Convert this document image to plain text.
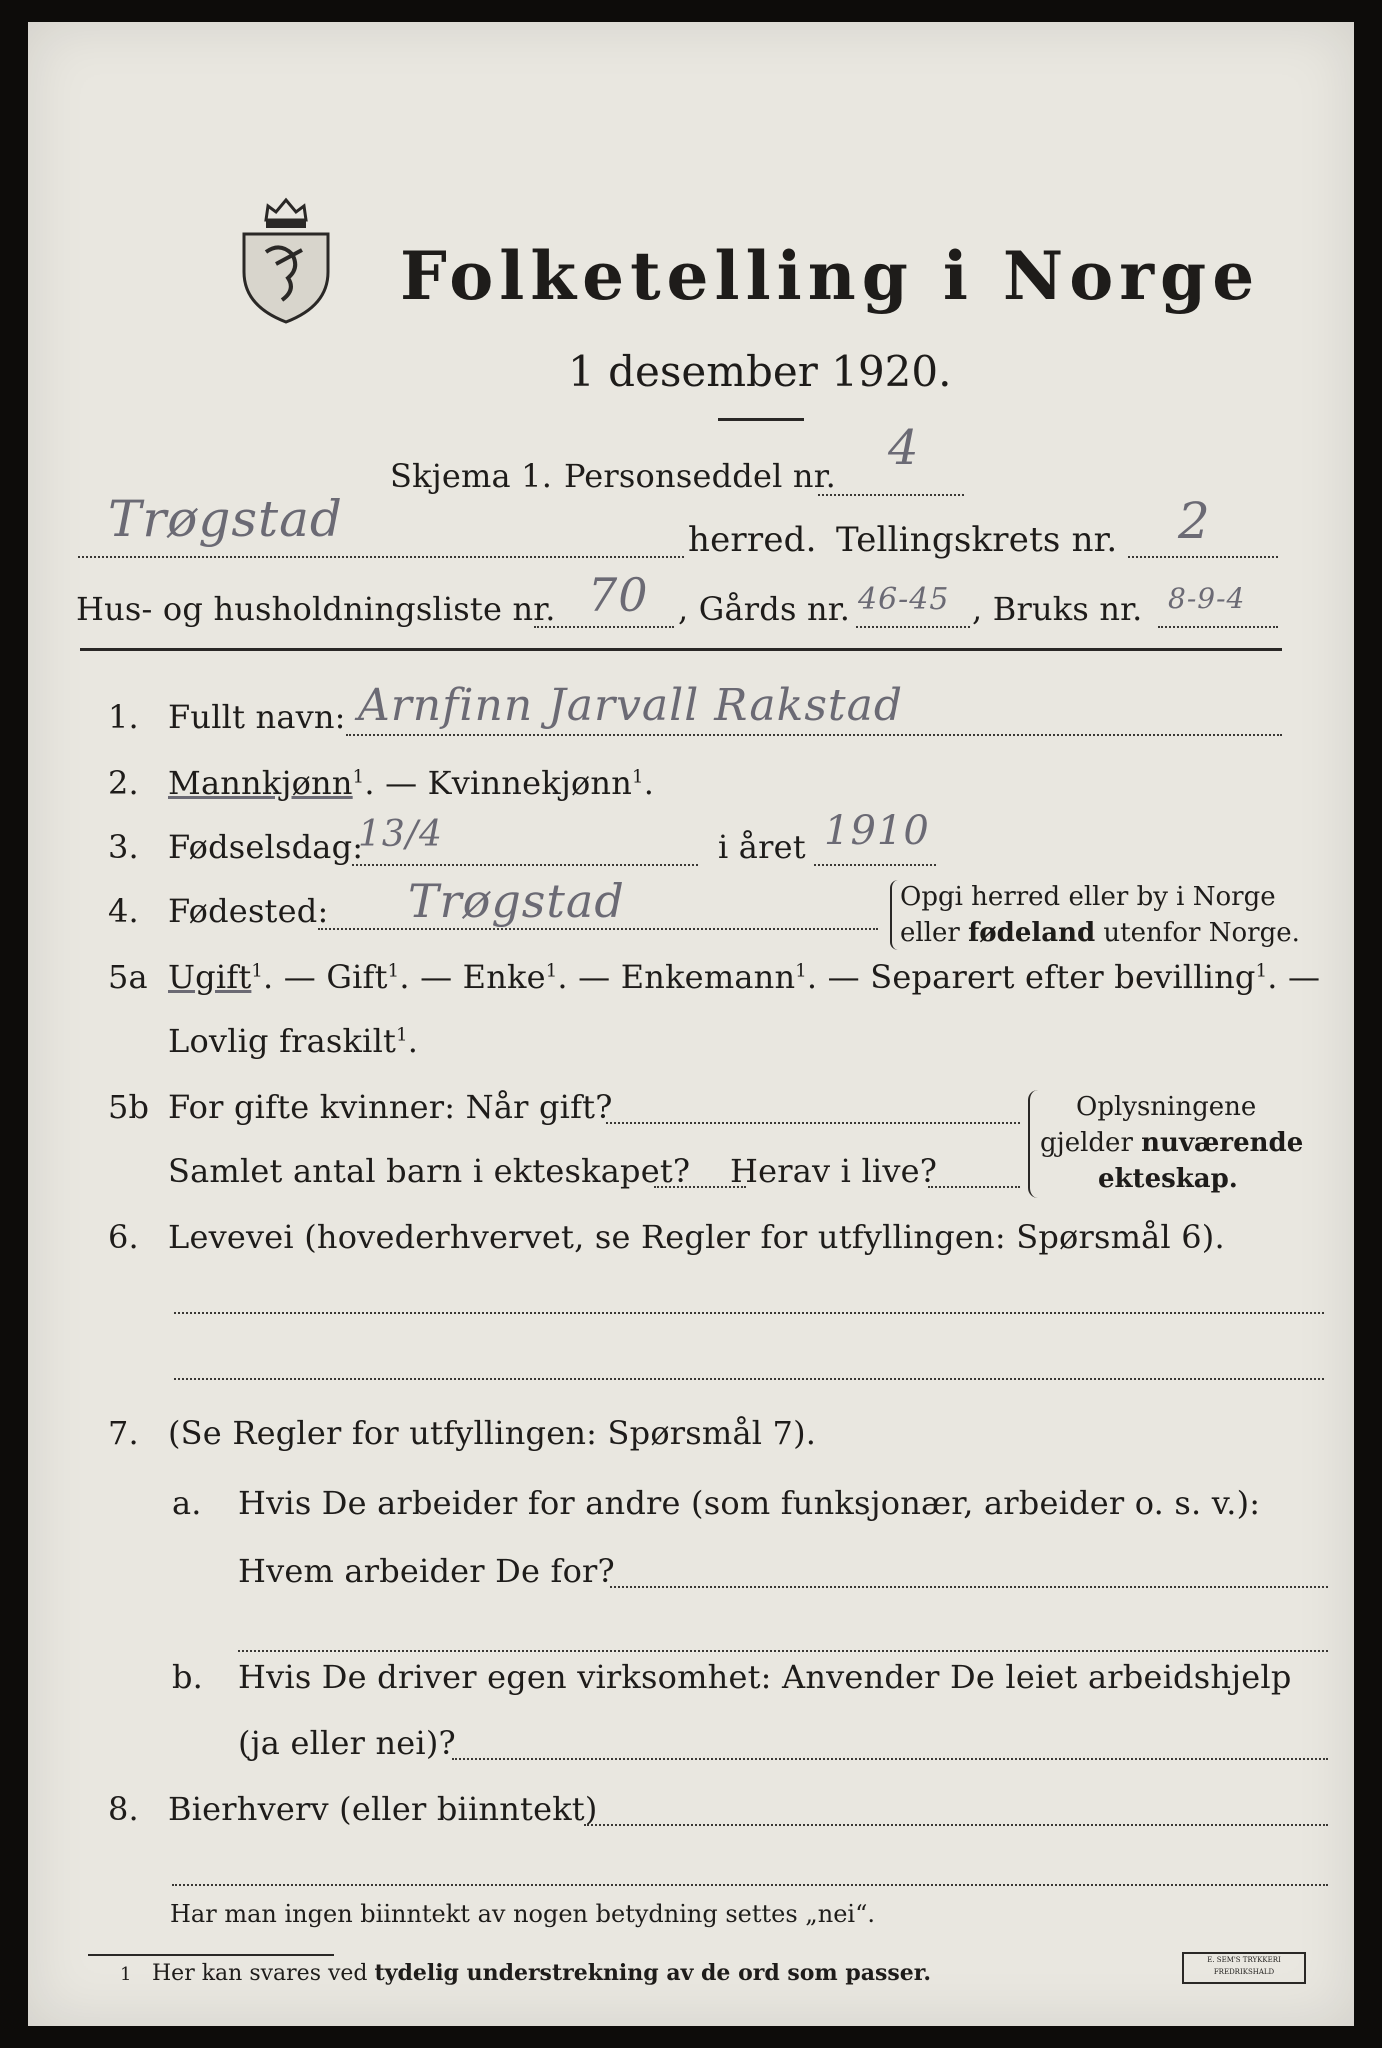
Folketelling i Norge
1 desember 1920.
Skjema 1. Personseddel nr. 4
Trøgstad	herred. Tellingskrets nr. 2
Hus- og husholdningsliste nr. 70 , Gårds nr. 46-45 , Bruks nr. 8-9-4
1. Fullt navn: Arnfinn Jarvall Rakstad
2. Mannkjønn$^1$. — Kvinnekjønn$^1$.
3. Fødselsdag:
13/4	i året 1910
4. Fødested: Trøgstad	Opgi herred eller by i Norge
eller fødeland utenfor Norge.
5a Ugift$^1$. — Gift$^1$. — Enke$^1$. — Enkemann$^1$. — Separert efter bevilling$^1$. —
Lovlig fraskilt$^1$.
5b For gifte kvinner: Når gift?
Samlet antal barn i ekteskapet? Herav i live?
Oplysningene
gjelder nuværende
ekteskap.
6. Levevei (hovederhvervet, se Regler for utfyllingen: Spørsmål 6).
7. (Se Regler for utfyllingen: Spørsmål 7).
a. Hvis De arbeider for andre (som funksjonær, arbeider o. s. v.):
Hvem arbeider De for?
b. Hvis De driver egen virksomhet: Anvender De leiet arbeidshjelp
(ja eller nei)?
8. Bierhverv (eller biinntekt)
Har man ingen biinntekt av nogen betydning settes „nei“.
1 Her kan svares ved tydelig understrekning av de ord som passer.	E. SEM'S TRYKKERI FREDRIKSHALD
